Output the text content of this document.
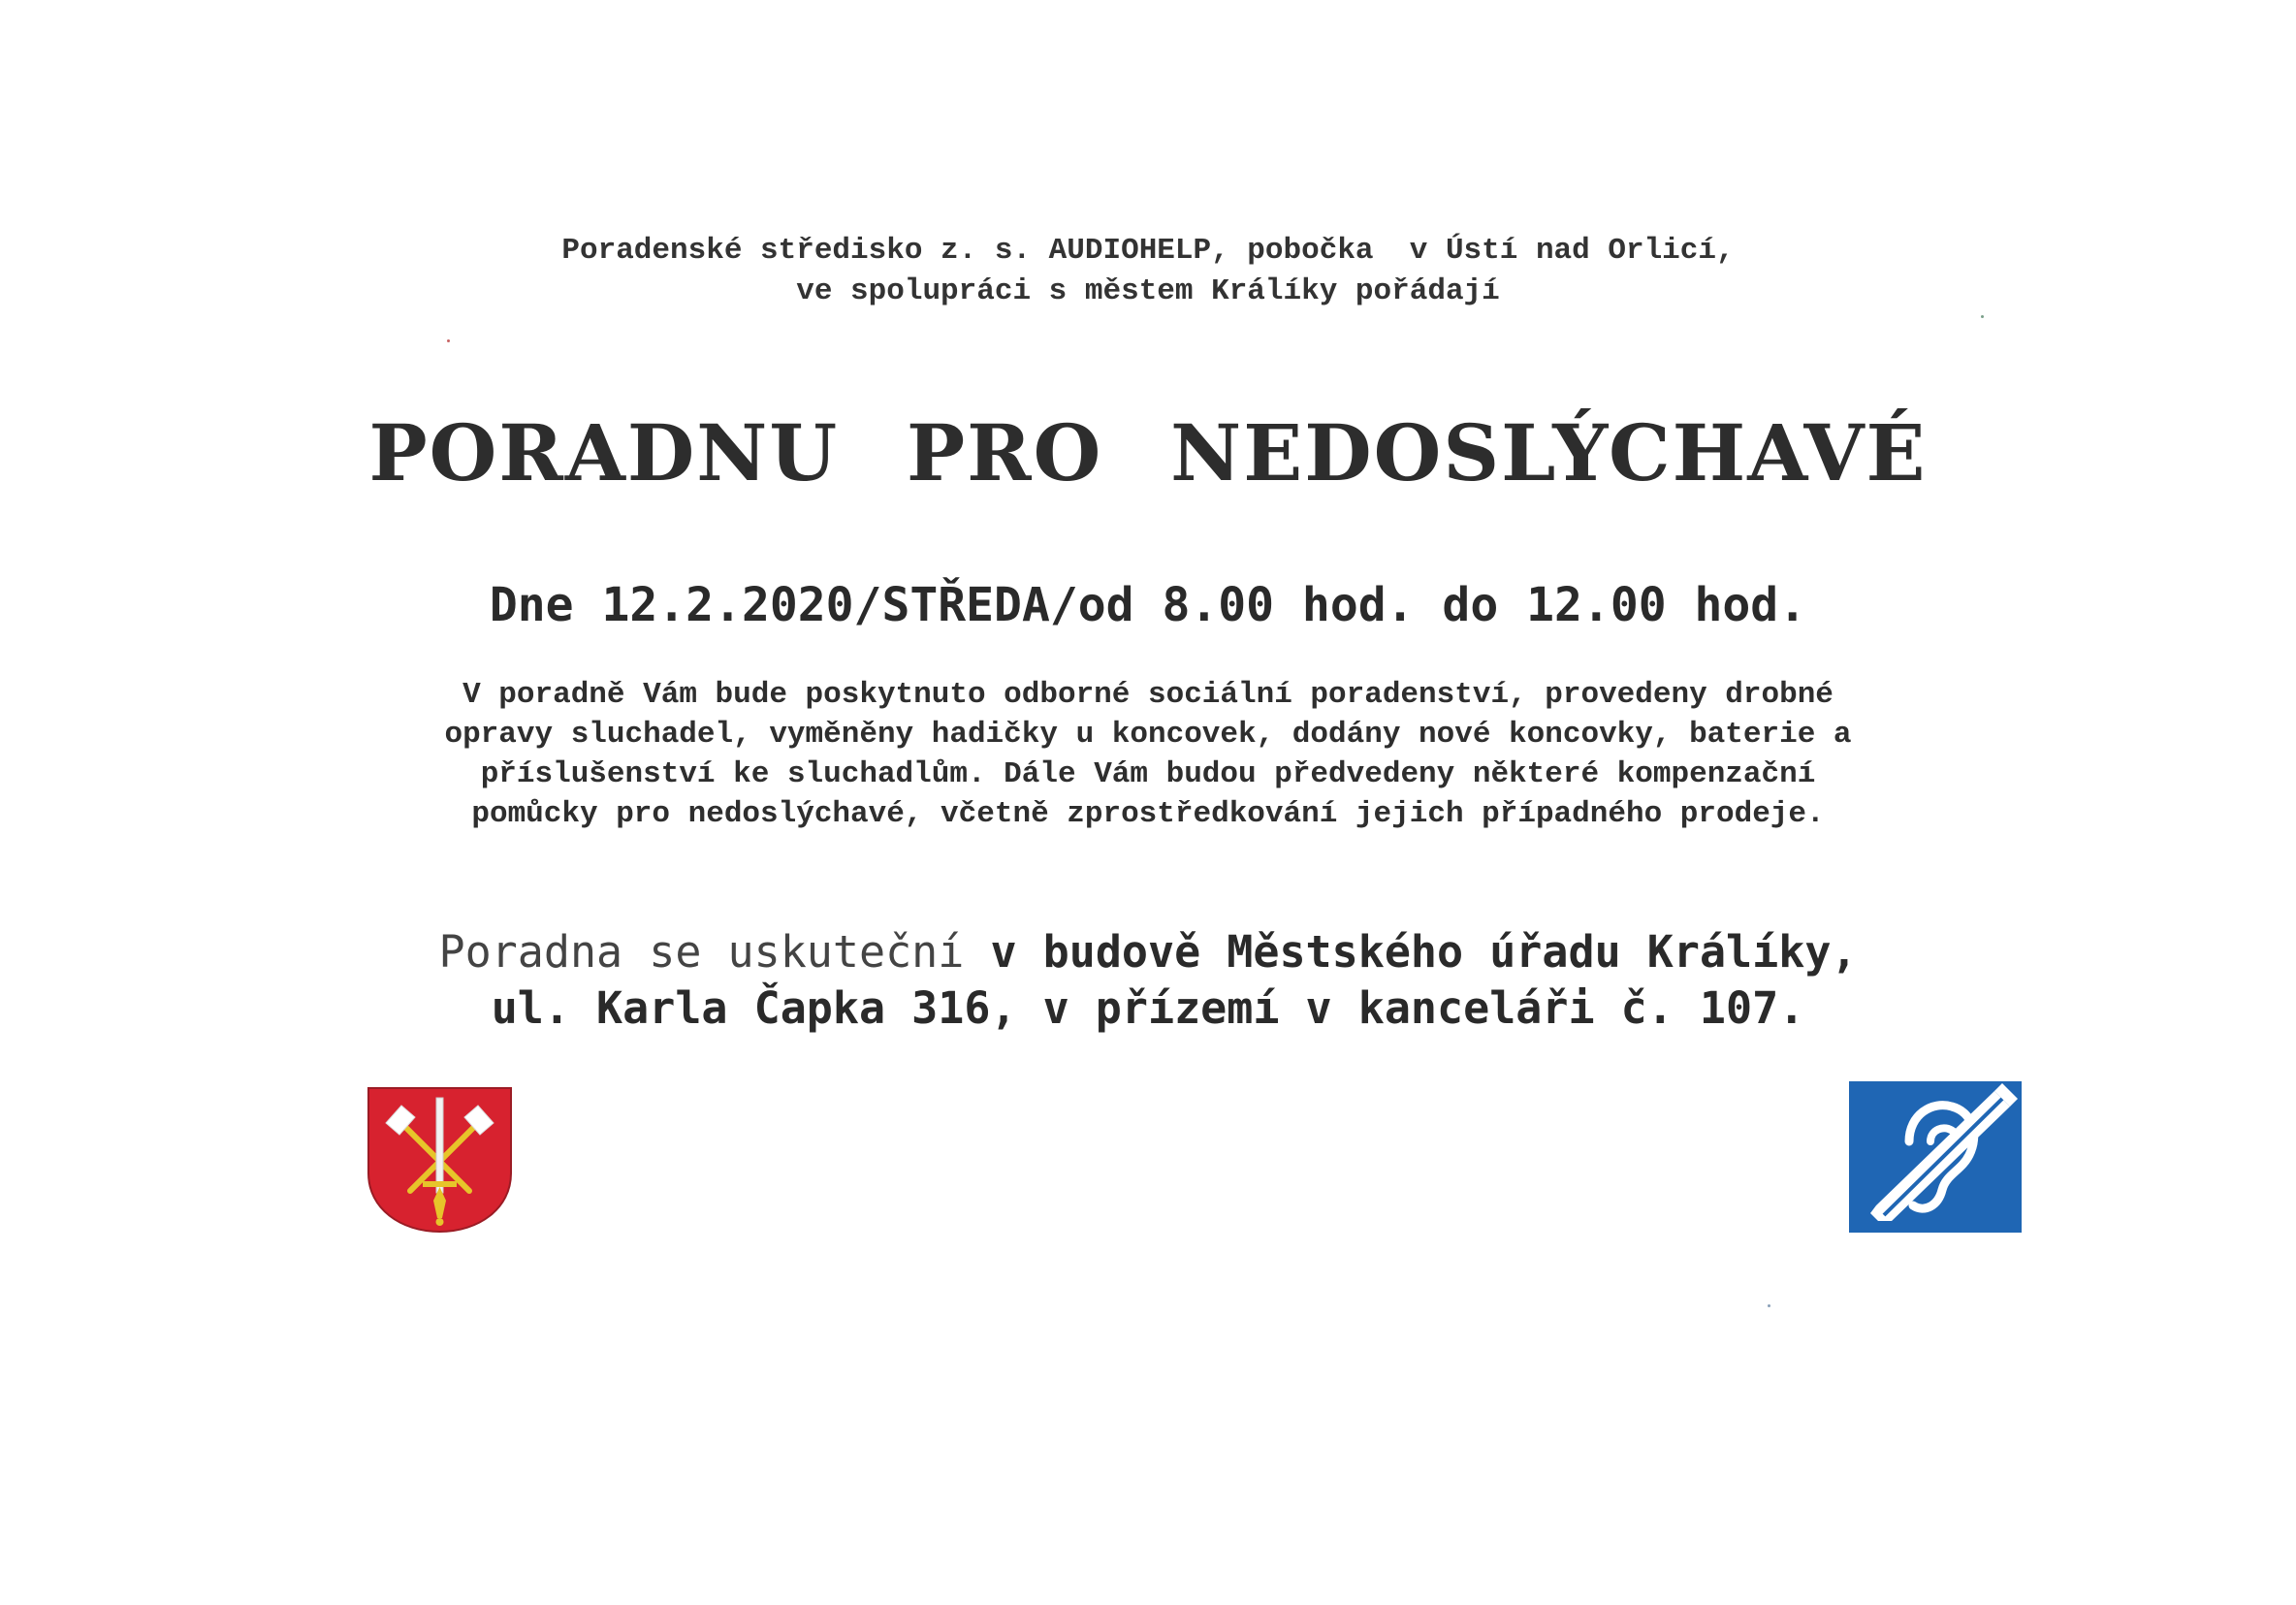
Poradenské středisko z. s. AUDIOHELP, pobočka  v Ústí nad Orlicí,
ve spolupráci s městem Králíky pořádají
PORADNU PRO NEDOSLÝCHAVÉ
Dne 12.2.2020/STŘEDA/od 8.00 hod. do 12.00 hod.
V poradně Vám bude poskytnuto odborné sociální poradenství, provedeny drobné
opravy sluchadel, vyměněny hadičky u koncovek, dodány nové koncovky, baterie a
příslušenství ke sluchadlům. Dále Vám budou předvedeny některé kompenzační
pomůcky pro nedoslýchavé, včetně zprostředkování jejich případného prodeje.
Poradna se uskuteční v budově Městského úřadu Králíky,
ul. Karla Čapka 316, v přízemí v kanceláři č. 107.
